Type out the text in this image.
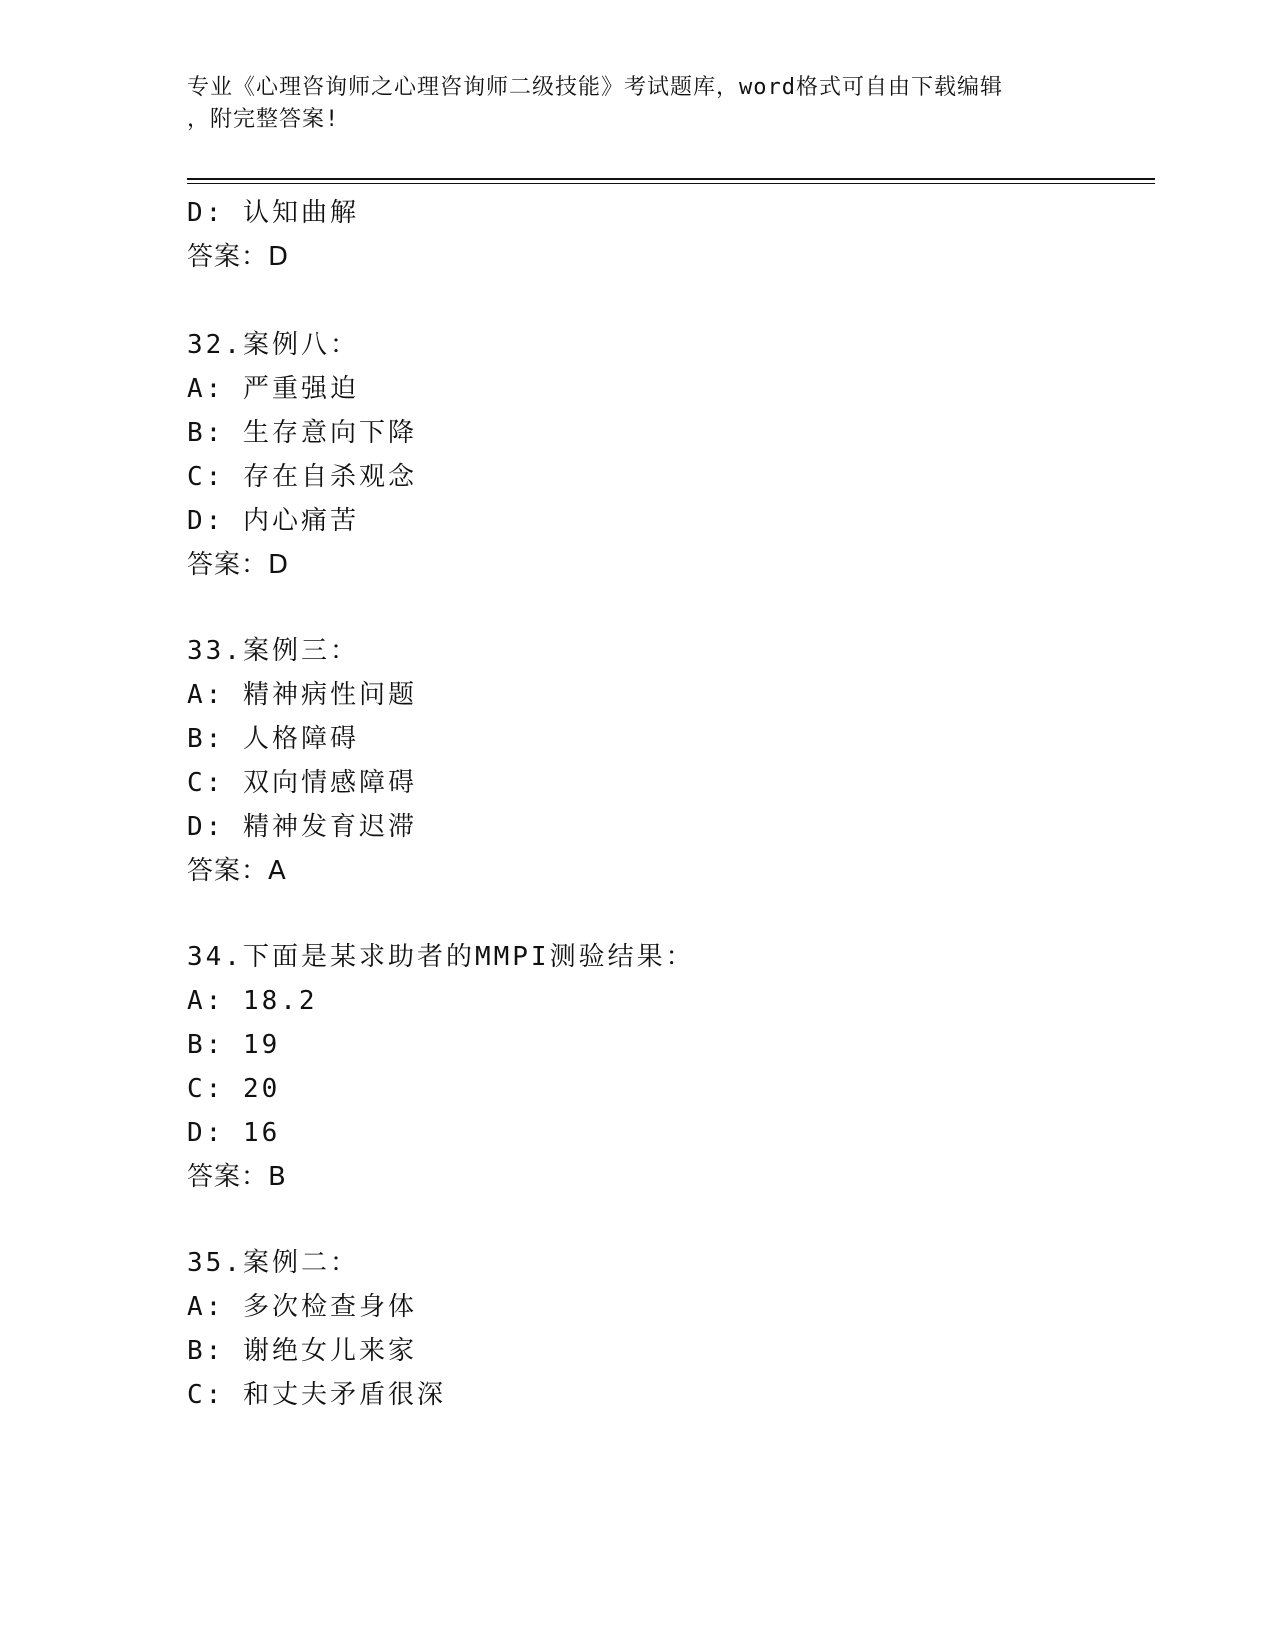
专业《心理咨询师之心理咨询师二级技能》考试题库，word格式可自由下载编辑
，附完整答案!
D: 认知曲解
答案：D
32.案例八：
A: 严重强迫
B: 生存意向下降
C: 存在自杀观念
D: 内心痛苦
答案：D
33.案例三：
A: 精神病性问题
B: 人格障碍
C: 双向情感障碍
D: 精神发育迟滞
答案：A
34.下面是某求助者的MMPI测验结果：
A: 18.2
B: 19
C: 20
D: 16
答案：B
35.案例二：
A: 多次检查身体
B: 谢绝女儿来家
C: 和丈夫矛盾很深
